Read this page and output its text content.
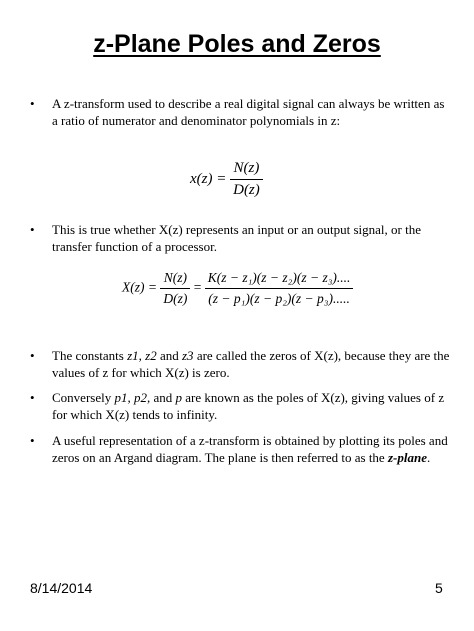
z-Plane Poles and Zeros
• A z-transform used to describe a real digital signal can always be written as a ratio of numerator and denominator polynomials in z:
$x(z) = \frac{N(z)}{D(z)}$
• This is true whether X(z) represents an input or an output signal, or the transfer function of a processor.
$X(z) = \frac{N(z)}{D(z)} = \frac{\text{K(z − z₁)(z − z₂)(z − z₃)....}}{\text{(z − p₁)(z − p₂)(z − p₃).....}}$
• The constants z1, z2 and z3 are called the zeros of X(z), because they are the values of z for which X(z) is zero.
• Conversely p1, p2, and p are known as the poles of X(z), giving values of z for which X(z) tends to infinity.
• A useful representation of a z-transform is obtained by plotting its poles and zeros on an Argand diagram. The plane is then referred to as the z-plane.
8/14/2014	5
